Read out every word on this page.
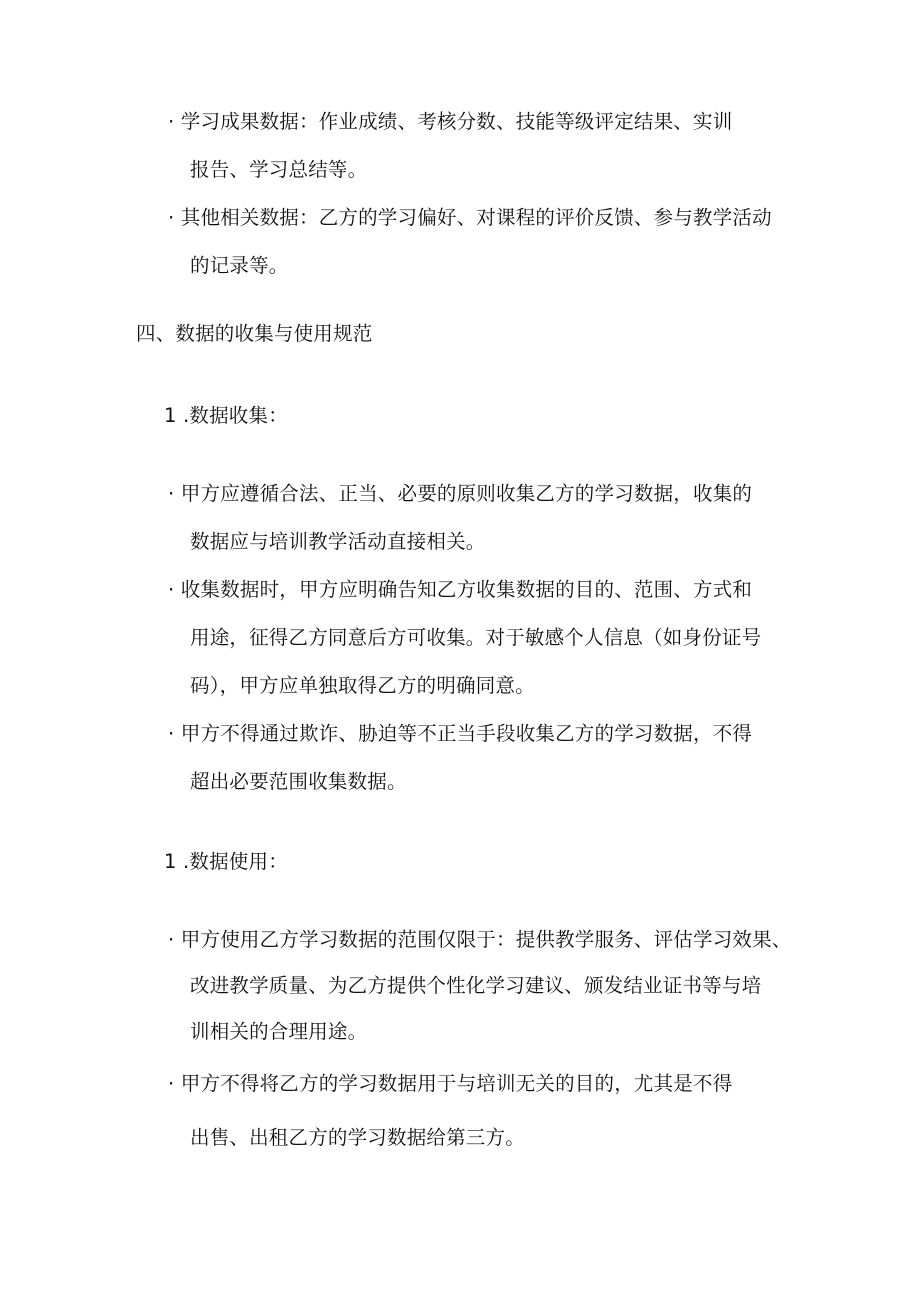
· 学习成果数据：作业成绩、考核分数、技能等级评定结果、实训
报告、学习总结等。
· 其他相关数据：乙方的学习偏好、对课程的评价反馈、参与教学活动
的记录等。
四、数据的收集与使用规范
1 .数据收集：
· 甲方应遵循合法、正当、必要的原则收集乙方的学习数据，收集的
数据应与培训教学活动直接相关。
· 收集数据时，甲方应明确告知乙方收集数据的目的、范围、方式和
用途，征得乙方同意后方可收集。对于敏感个人信息（如身份证号
码），甲方应单独取得乙方的明确同意。
· 甲方不得通过欺诈、胁迫等不正当手段收集乙方的学习数据，不得
超出必要范围收集数据。
1 .数据使用：
· 甲方使用乙方学习数据的范围仅限于：提供教学服务、评估学习效果、
改进教学质量、为乙方提供个性化学习建议、颁发结业证书等与培
训相关的合理用途。
· 甲方不得将乙方的学习数据用于与培训无关的目的，尤其是不得
出售、出租乙方的学习数据给第三方。
